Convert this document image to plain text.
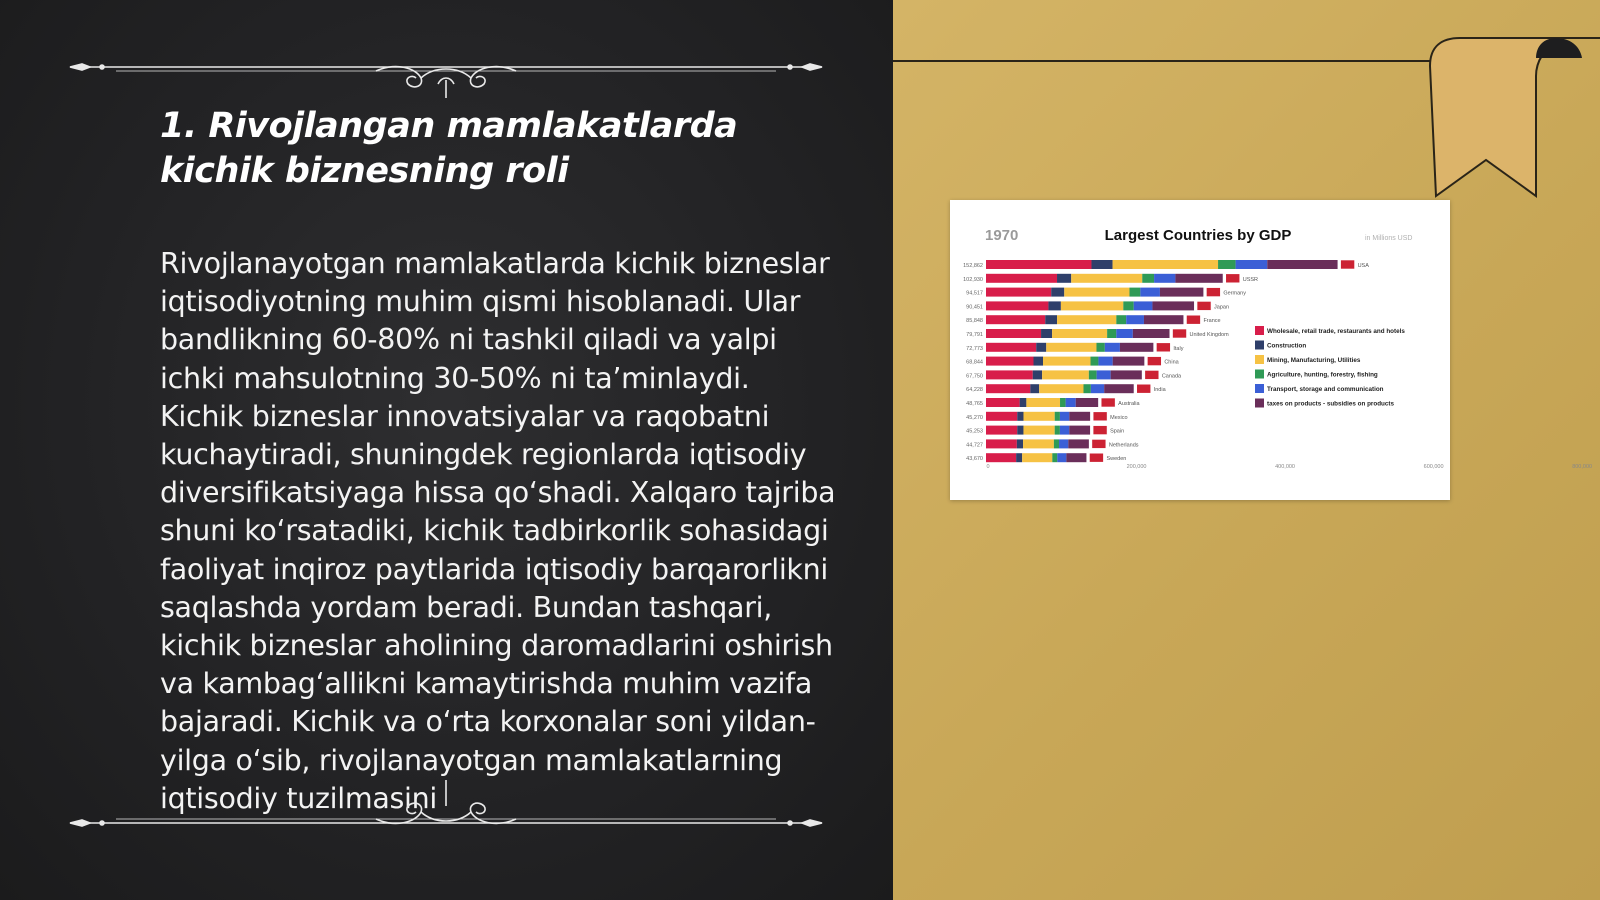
1. Rivojlangan mamlakatlarda kichik biznesning roli

Rivojlanayotgan mamlakatlarda kichik bizneslar iqtisodiyotning muhim qismi hisoblanadi. Ular bandlikning 60-80% ni tashkil qiladi va yalpi ichki mahsulotning 30-50% ni ta’minlaydi. Kichik bizneslar innovatsiyalar va raqobatni kuchaytiradi, shuningdek regionlarda iqtisodiy diversifikatsiyaga hissa qo‘shadi. Xalqaro tajriba shuni ko‘rsatadiki, kichik tadbirkorlik sohasidagi faoliyat inqiroz paytlarida iqtisodiy barqarorlikni saqlashda yordam beradi. Bundan tashqari, kichik bizneslar aholining daromadlarini oshirish va kambag‘allikni kamaytirishda muhim vazifa bajaradi. Kichik va o‘rta korxonalar soni yildan-yilga o‘sib, rivojlanayotgan mamlakatlarning iqtisodiy tuzilmasini

1970	Largest Countries by GDP	in Millions USD
152,862	USA
102,930	USSR
94,517	Germany
90,451	Japan
85,848	France
79,791	United Kingdom
72,773	Italy
68,844	China
67,750	Canada
64,228	India
48,765	Australia
45,270	Mexico
45,253	Spain
44,727	Netherlands
43,670	Sweden
Wholesale, retail trade, restaurants and hotels
Construction
Mining, Manufacturing, Utilities
Agriculture, hunting, forestry, fishing
Transport, storage and communication
taxes on products - subsidies on products
0	200,000	400,000	600,000	800,000
